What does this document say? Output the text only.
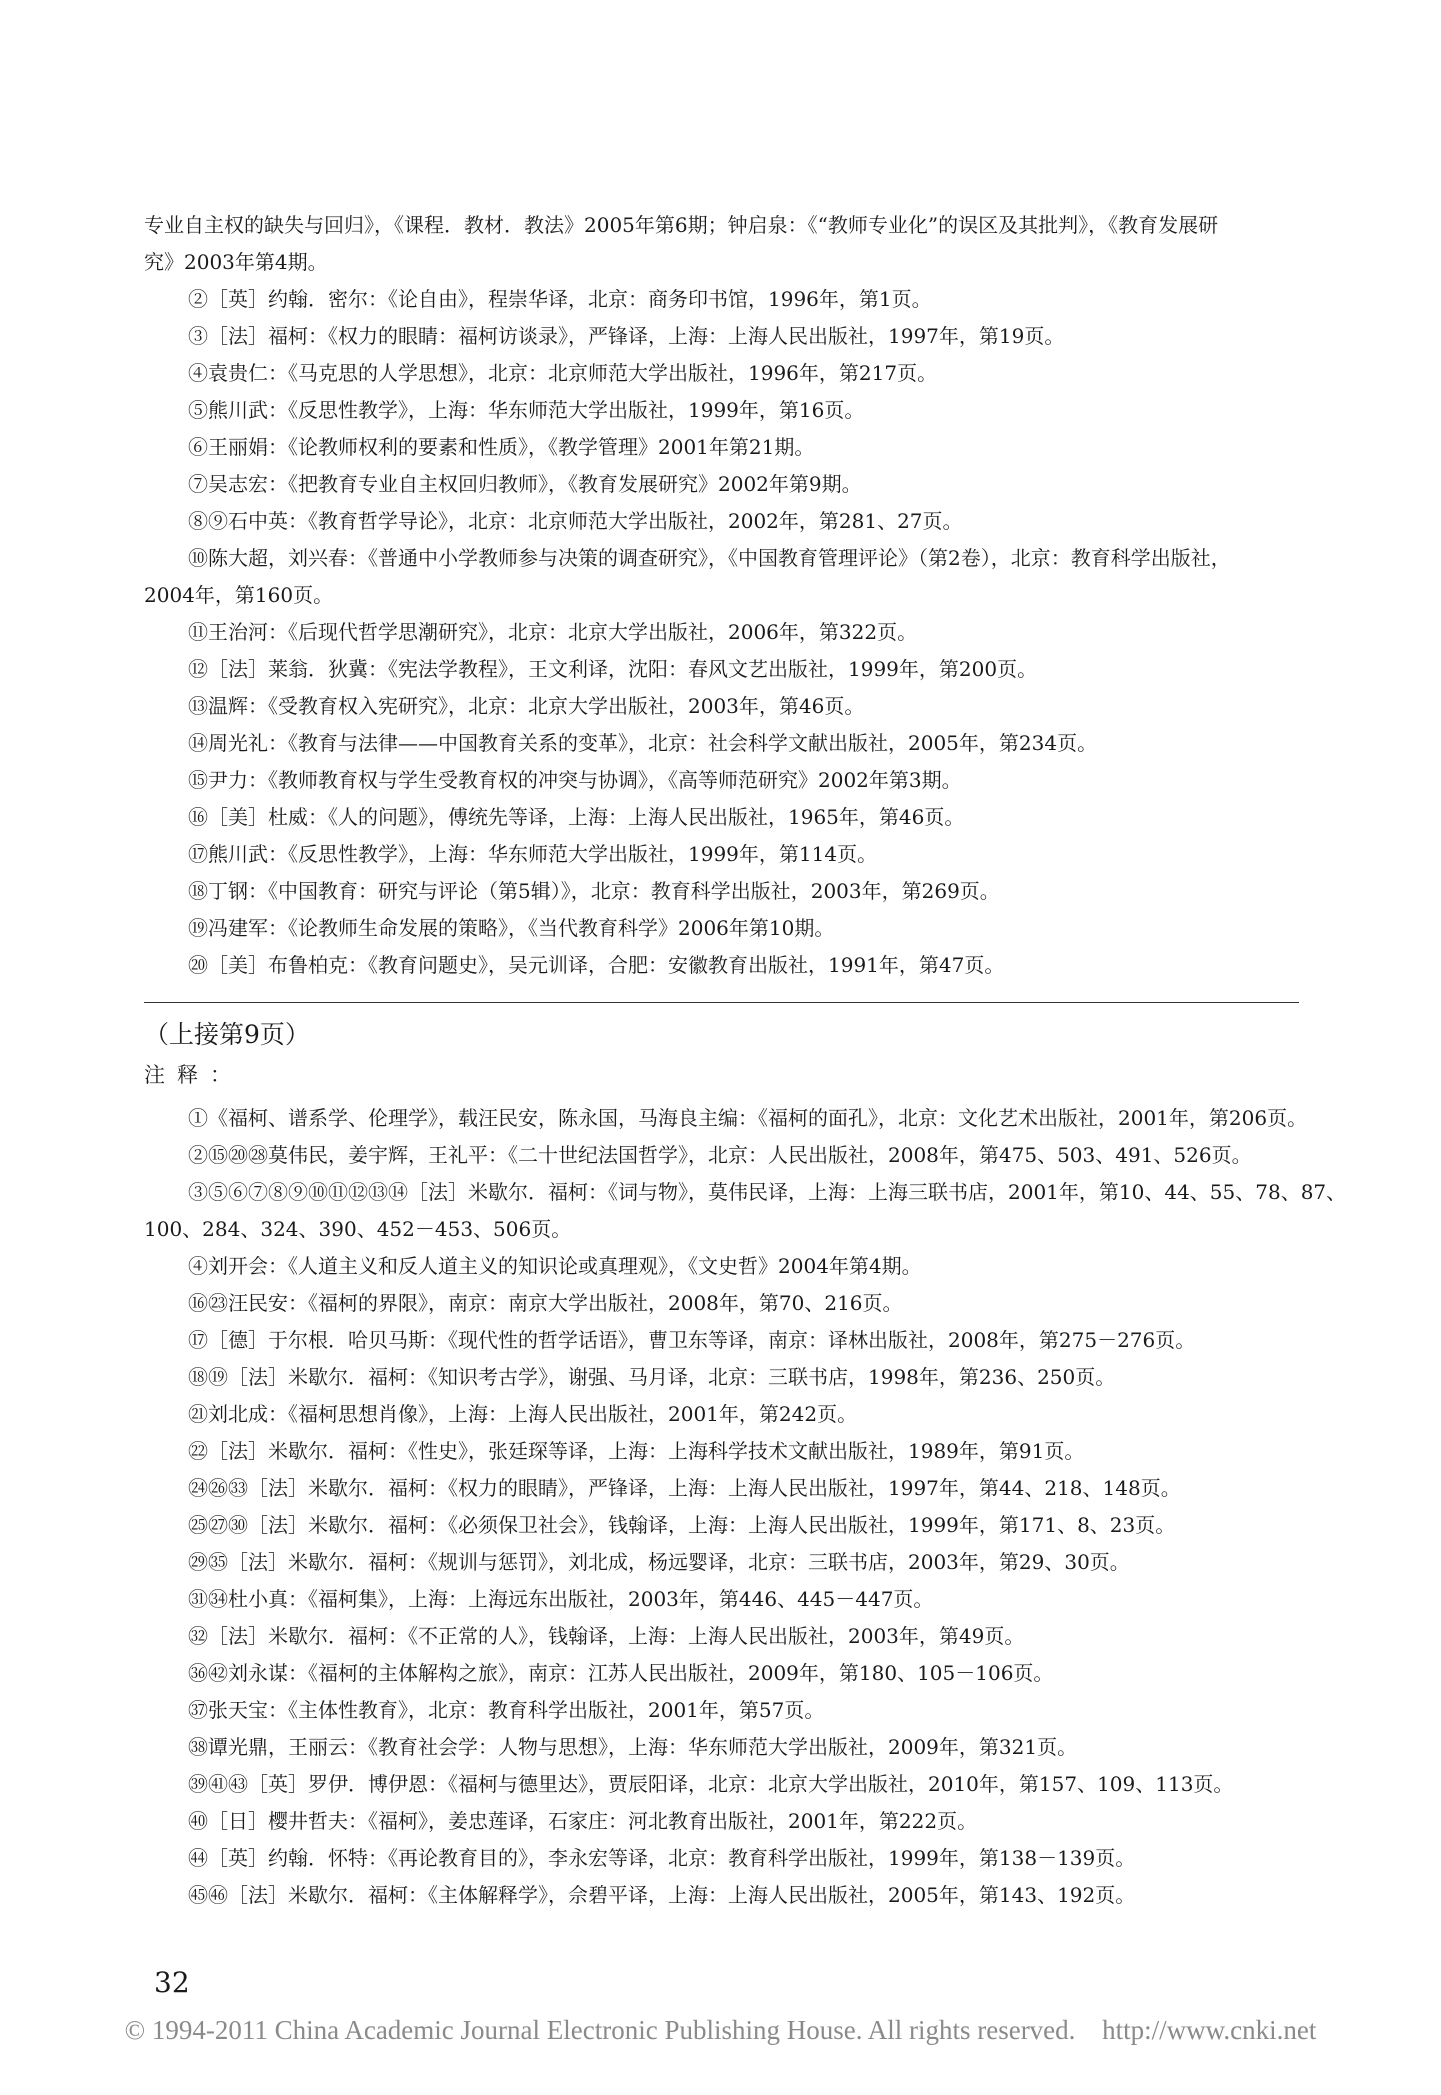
专业自主权的缺失与回归》，《课程．教材．教法》2005年第6期；钟启泉：《“教师专业化”的误区及其批判》，《教育发展研
究》2003年第4期。
②［英］约翰．密尔：《论自由》，程崇华译，北京：商务印书馆，1996年，第1页。
③［法］福柯：《权力的眼睛：福柯访谈录》，严锋译，上海：上海人民出版社，1997年，第19页。
④袁贵仁：《马克思的人学思想》，北京：北京师范大学出版社，1996年，第217页。
⑤熊川武：《反思性教学》，上海：华东师范大学出版社，1999年，第16页。
⑥王丽娟：《论教师权利的要素和性质》，《教学管理》2001年第21期。
⑦吴志宏：《把教育专业自主权回归教师》，《教育发展研究》2002年第9期。
⑧⑨石中英：《教育哲学导论》，北京：北京师范大学出版社，2002年，第281、27页。
⑩陈大超，刘兴春：《普通中小学教师参与决策的调查研究》，《中国教育管理评论》（第2卷），北京：教育科学出版社，
2004年，第160页。
⑪王治河：《后现代哲学思潮研究》，北京：北京大学出版社，2006年，第322页。
⑫［法］莱翁．狄冀：《宪法学教程》，王文利译，沈阳：春风文艺出版社，1999年，第200页。
⑬温辉：《受教育权入宪研究》，北京：北京大学出版社，2003年，第46页。
⑭周光礼：《教育与法律——中国教育关系的变革》，北京：社会科学文献出版社，2005年，第234页。
⑮尹力：《教师教育权与学生受教育权的冲突与协调》，《高等师范研究》2002年第3期。
⑯［美］杜威：《人的问题》，傅统先等译，上海：上海人民出版社，1965年，第46页。
⑰熊川武：《反思性教学》，上海：华东师范大学出版社，1999年，第114页。
⑱丁钢：《中国教育：研究与评论（第5辑）》，北京：教育科学出版社，2003年，第269页。
⑲冯建军：《论教师生命发展的策略》，《当代教育科学》2006年第10期。
⑳［美］布鲁柏克：《教育问题史》，吴元训译，合肥：安徽教育出版社，1991年，第47页。
（上接第9页）
注释：
①《福柯、谱系学、伦理学》，载汪民安，陈永国，马海良主编：《福柯的面孔》，北京：文化艺术出版社，2001年，第206页。
②⑮⑳㉘莫伟民，姜宇辉，王礼平：《二十世纪法国哲学》，北京：人民出版社，2008年，第475、503、491、526页。
③⑤⑥⑦⑧⑨⑩⑪⑫⑬⑭［法］米歇尔．福柯：《词与物》，莫伟民译，上海：上海三联书店，2001年，第10、44、55、78、87、
100、284、324、390、452－453、506页。
④刘开会：《人道主义和反人道主义的知识论或真理观》，《文史哲》2004年第4期。
⑯㉓汪民安：《福柯的界限》，南京：南京大学出版社，2008年，第70、216页。
⑰［德］于尔根．哈贝马斯：《现代性的哲学话语》，曹卫东等译，南京：译林出版社，2008年，第275－276页。
⑱⑲［法］米歇尔．福柯：《知识考古学》，谢强、马月译，北京：三联书店，1998年，第236、250页。
㉑刘北成：《福柯思想肖像》，上海：上海人民出版社，2001年，第242页。
㉒［法］米歇尔．福柯：《性史》，张廷琛等译，上海：上海科学技术文献出版社，1989年，第91页。
㉔㉖㉝［法］米歇尔．福柯：《权力的眼睛》，严锋译，上海：上海人民出版社，1997年，第44、218、148页。
㉕㉗㉚［法］米歇尔．福柯：《必须保卫社会》，钱翰译，上海：上海人民出版社，1999年，第171、8、23页。
㉙㉟［法］米歇尔．福柯：《规训与惩罚》，刘北成，杨远婴译，北京：三联书店，2003年，第29、30页。
㉛㉞杜小真：《福柯集》，上海：上海远东出版社，2003年，第446、445－447页。
㉜［法］米歇尔．福柯：《不正常的人》，钱翰译，上海：上海人民出版社，2003年，第49页。
㊱㊷刘永谋：《福柯的主体解构之旅》，南京：江苏人民出版社，2009年，第180、105－106页。
㊲张天宝：《主体性教育》，北京：教育科学出版社，2001年，第57页。
㊳谭光鼎，王丽云：《教育社会学：人物与思想》，上海：华东师范大学出版社，2009年，第321页。
㊴㊶㊸［英］罗伊．博伊恩：《福柯与德里达》，贾辰阳译，北京：北京大学出版社，2010年，第157、109、113页。
㊵［日］樱井哲夫：《福柯》，姜忠莲译，石家庄：河北教育出版社，2001年，第222页。
㊹［英］约翰．怀特：《再论教育目的》，李永宏等译，北京：教育科学出版社，1999年，第138－139页。
㊺㊻［法］米歇尔．福柯：《主体解释学》，佘碧平译，上海：上海人民出版社，2005年，第143、192页。
32
© 1994-2011 China Academic Journal Electronic Publishing House. All rights reserved. http://www.cnki.net
